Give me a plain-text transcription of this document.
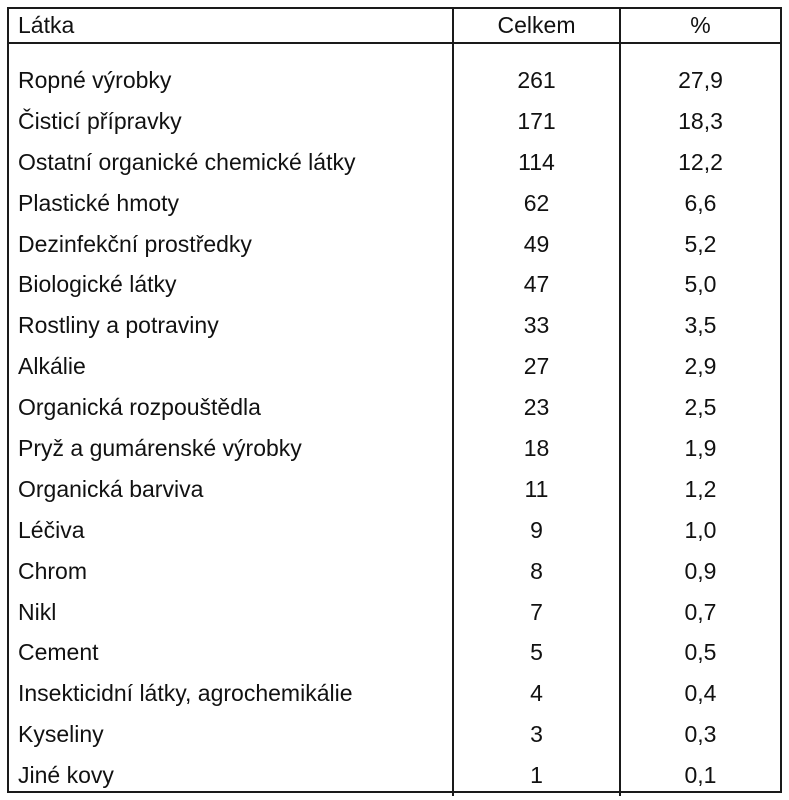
Látka	Celkem	%
Ropné výrobky
Čisticí přípravky
Ostatní organické chemické látky
Plastické hmoty
Dezinfekční prostředky
Biologické látky
Rostliny a potraviny
Alkálie
Organická rozpouštědla
Pryž a gumárenské výrobky
Organická barviva
Léčiva
Chrom
Nikl
Cement
Insekticidní látky, agrochemikálie
Kyseliny
Jiné kovy
261
171
114
62
49
47
33
27
23
18
11
9
8
7
5
4
3
1
27,9
18,3
12,2
6,6
5,2
5,0
3,5
2,9
2,5
1,9
1,2
1,0
0,9
0,7
0,5
0,4
0,3
0,1
